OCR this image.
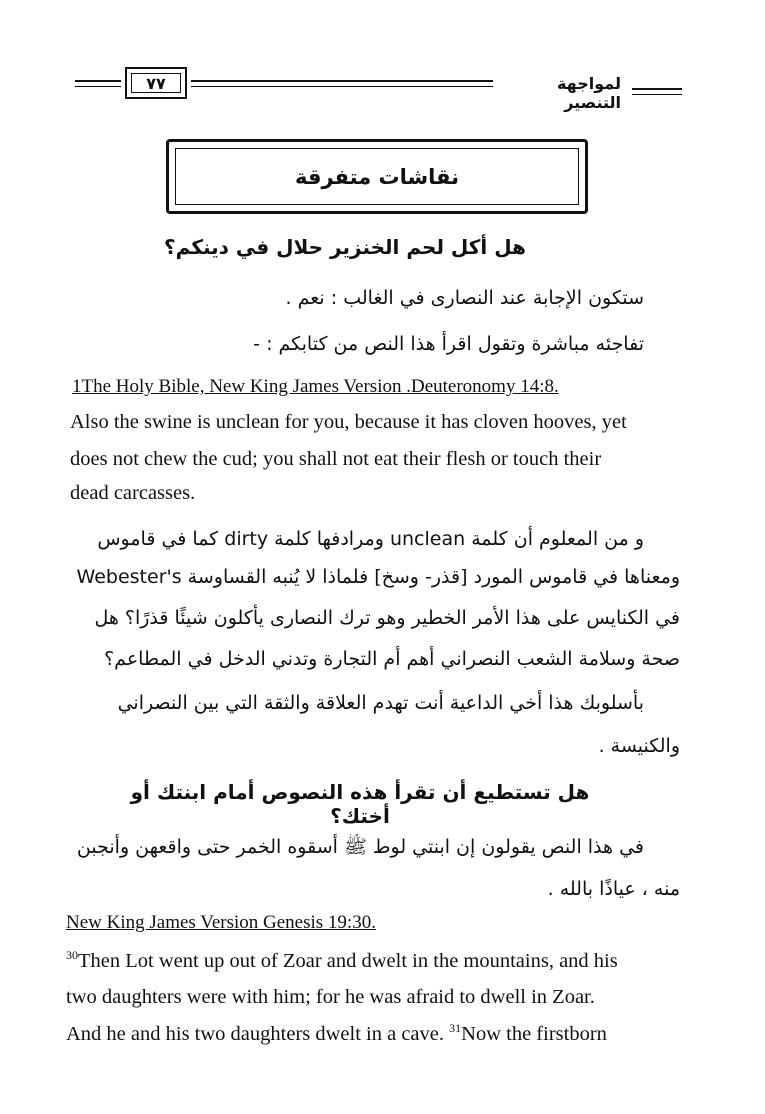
٧٧	لمواجهة التنصير
نقاشات متفرقة
هل أكل لحم الخنزير حلال في دينكم؟
ستكون الإجابة عند النصارى في الغالب : نعم .
تفاجئه مباشرة وتقول اقرأ هذا النص من كتابكم : -
1The Holy Bible, New King James Version .Deuteronomy 14:8.
Also the swine is unclean for you, because it has cloven hooves, yet
does not chew the cud; you shall not eat their flesh or touch their
dead carcasses.
و من المعلوم أن كلمة unclean ومرادفها كلمة dirty كما في قاموس
Webester's ومعناها في قاموس المورد [قذر- وسخ] فلماذا لا يُنبه القساوسة
في الكنايس على هذا الأمر الخطير وهو ترك النصارى يأكلون شيئًا قذرًا؟ هل
صحة وسلامة الشعب النصراني أهم أم التجارة وتدني الدخل في المطاعم؟
بأسلوبك هذا أخي الداعية أنت تهدم العلاقة والثقة التي بين النصراني
والكنيسة .
هل تستطيع أن تقرأ هذه النصوص أمام ابنتك أو أختك؟
في هذا النص يقولون إن ابنتي لوط ﷺ أسقوه الخمر حتى واقعهن وأنجبن
منه ، عياذًا بالله .
New King James Version Genesis 19:30.
$^{30}$Then Lot went up out of Zoar and dwelt in the mountains, and his
two daughters were with him; for he was afraid to dwell in Zoar.
And he and his two daughters dwelt in a cave. $^{31}$Now the firstborn
